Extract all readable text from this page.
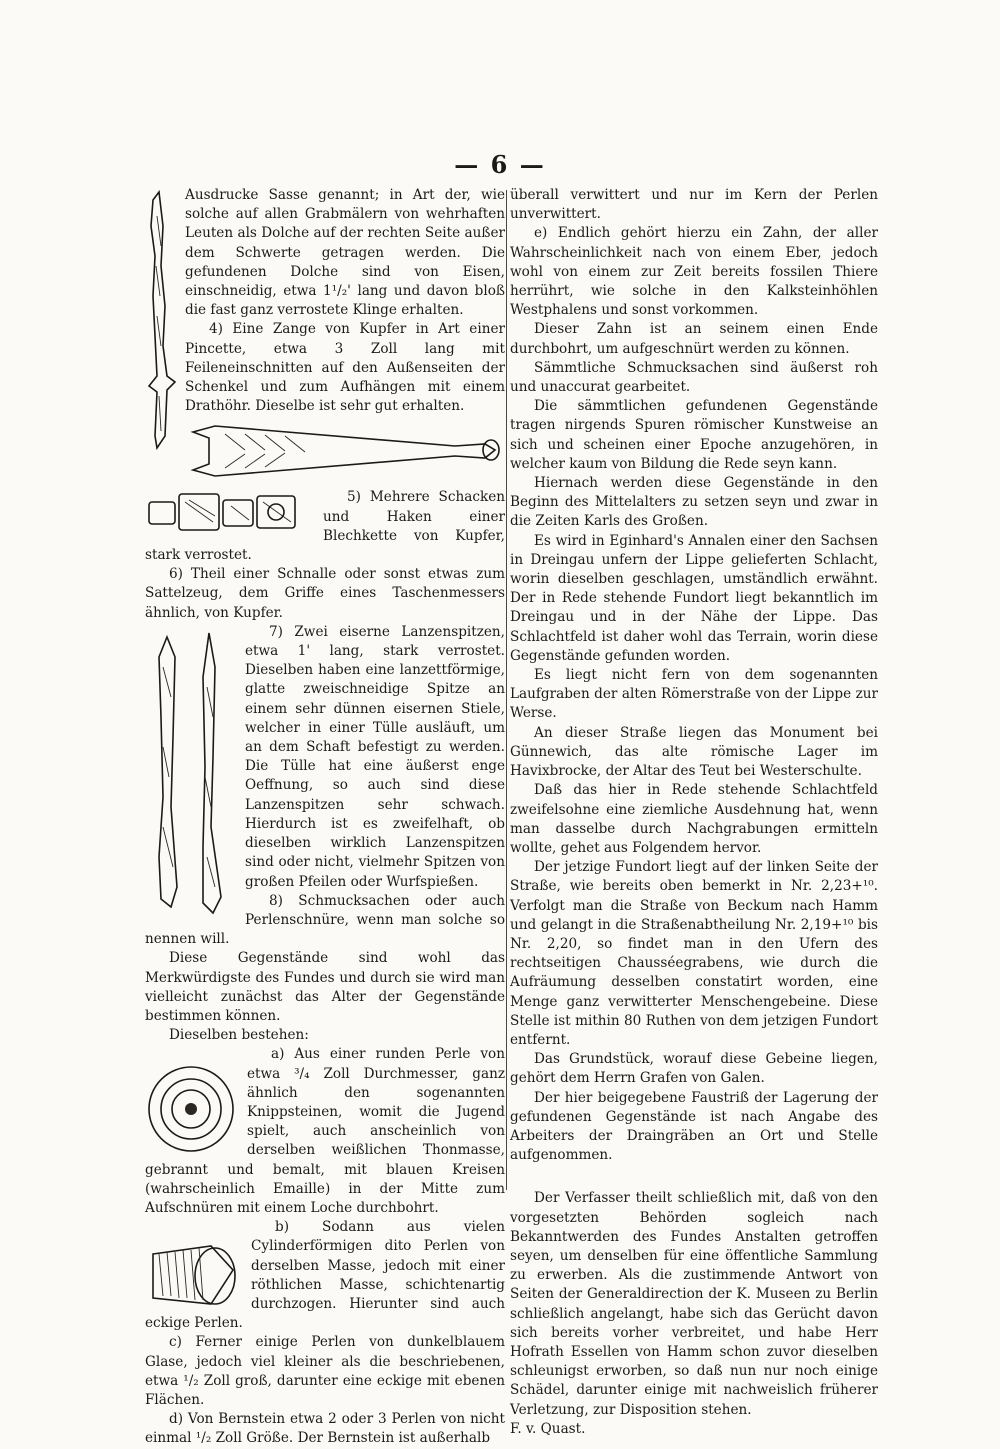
— 6 —

Ausdrucke Sasse genannt; in Art der, wie solche auf allen Grabmälern von wehrhaften Leuten als Dolche auf der rechten Seite außer dem Schwerte getragen werden. Die gefundenen Dolche sind von Eisen, einschneidig, etwa 1¹/₂' lang und davon bloß die fast ganz verrostete Klinge erhalten.

4) Eine Zange von Kupfer in Art einer Pincette, etwa 3 Zoll lang mit Feileneinschnitten auf den Außenseiten der Schenkel und zum Aufhängen mit einem Drathöhr. Dieselbe ist sehr gut erhalten.

5) Mehrere Schacken und Haken einer Blechkette von Kupfer, stark verrostet.

6) Theil einer Schnalle oder sonst etwas zum Sattelzeug, dem Griffe eines Taschenmessers ähnlich, von Kupfer.

7) Zwei eiserne Lanzenspitzen, etwa 1' lang, stark verrostet. Dieselben haben eine lanzettförmige, glatte zweischneidige Spitze an einem sehr dünnen eisernen Stiele, welcher in einer Tülle ausläuft, um an dem Schaft befestigt zu werden. Die Tülle hat eine äußerst enge Oeffnung, so auch sind diese Lanzenspitzen sehr schwach. Hierdurch ist es zweifelhaft, ob dieselben wirklich Lanzenspitzen sind oder nicht, vielmehr Spitzen von großen Pfeilen oder Wurfspießen.

8) Schmucksachen oder auch Perlenschnüre, wenn man solche so nennen will.

Diese Gegenstände sind wohl das Merkwürdigste des Fundes und durch sie wird man vielleicht zunächst das Alter der Gegenstände bestimmen können.

Dieselben bestehen:

a) Aus einer runden Perle von etwa ³/₄ Zoll Durchmesser, ganz ähnlich den sogenannten Knippsteinen, womit die Jugend spielt, auch anscheinlich von derselben weißlichen Thonmasse, gebrannt und bemalt, mit blauen Kreisen (wahrscheinlich Emaille) in der Mitte zum Aufschnüren mit einem Loche durchbohrt.

b) Sodann aus vielen Cylinderförmigen dito Perlen von derselben Masse, jedoch mit einer röthlichen Masse, schichtenartig durchzogen. Hierunter sind auch eckige Perlen.

c) Ferner einige Perlen von dunkelblauem Glase, jedoch viel kleiner als die beschriebenen, etwa ¹/₂ Zoll groß, darunter eine eckige mit ebenen Flächen.

d) Von Bernstein etwa 2 oder 3 Perlen von nicht einmal ¹/₂ Zoll Größe. Der Bernstein ist außerhalb

überall verwittert und nur im Kern der Perlen unverwittert.

e) Endlich gehört hierzu ein Zahn, der aller Wahrscheinlichkeit nach von einem Eber, jedoch wohl von einem zur Zeit bereits fossilen Thiere herrührt, wie solche in den Kalksteinhöhlen Westphalens und sonst vorkommen.

Dieser Zahn ist an seinem einen Ende durchbohrt, um aufgeschnürt werden zu können.

Sämmtliche Schmucksachen sind äußerst roh und unaccurat gearbeitet.

Die sämmtlichen gefundenen Gegenstände tragen nirgends Spuren römischer Kunstweise an sich und scheinen einer Epoche anzugehören, in welcher kaum von Bildung die Rede seyn kann.

Hiernach werden diese Gegenstände in den Beginn des Mittelalters zu setzen seyn und zwar in die Zeiten Karls des Großen.

Es wird in Eginhard's Annalen einer den Sachsen in Dreingau unfern der Lippe gelieferten Schlacht, worin dieselben geschlagen, umständlich erwähnt. Der in Rede stehende Fundort liegt bekanntlich im Dreingau und in der Nähe der Lippe. Das Schlachtfeld ist daher wohl das Terrain, worin diese Gegenstände gefunden worden.

Es liegt nicht fern von dem sogenannten Laufgraben der alten Römerstraße von der Lippe zur Werse.

An dieser Straße liegen das Monument bei Günnewich, das alte römische Lager im Havixbrocke, der Altar des Teut bei Westerschulte.

Daß das hier in Rede stehende Schlachtfeld zweifelsohne eine ziemliche Ausdehnung hat, wenn man dasselbe durch Nachgrabungen ermitteln wollte, gehet aus Folgendem hervor.

Der jetzige Fundort liegt auf der linken Seite der Straße, wie bereits oben bemerkt in Nr. 2,23+¹⁰. Verfolgt man die Straße von Beckum nach Hamm und gelangt in die Straßenabtheilung Nr. 2,19+¹⁰ bis Nr. 2,20, so findet man in den Ufern des rechtseitigen Chausséegrabens, wie durch die Aufräumung desselben constatirt worden, eine Menge ganz verwitterter Menschengebeine. Diese Stelle ist mithin 80 Ruthen von dem jetzigen Fundort entfernt.

Das Grundstück, worauf diese Gebeine liegen, gehört dem Herrn Grafen von Galen.

Der hier beigegebene Faustriß der Lagerung der gefundenen Gegenstände ist nach Angabe des Arbeiters der Draingräben an Ort und Stelle aufgenommen.

Der Verfasser theilt schließlich mit, daß von den vorgesetzten Behörden sogleich nach Bekanntwerden des Fundes Anstalten getroffen seyen, um denselben für eine öffentliche Sammlung zu erwerben. Als die zustimmende Antwort von Seiten der Generaldirection der K. Museen zu Berlin schließlich angelangt, habe sich das Gerücht davon sich bereits vorher verbreitet, und habe Herr Hofrath Essellen von Hamm schon zuvor dieselben schleunigst erworben, so daß nun nur noch einige Schädel, darunter einige mit nachweislich früherer Verletzung, zur Disposition stehen.

F. v. Quast.
